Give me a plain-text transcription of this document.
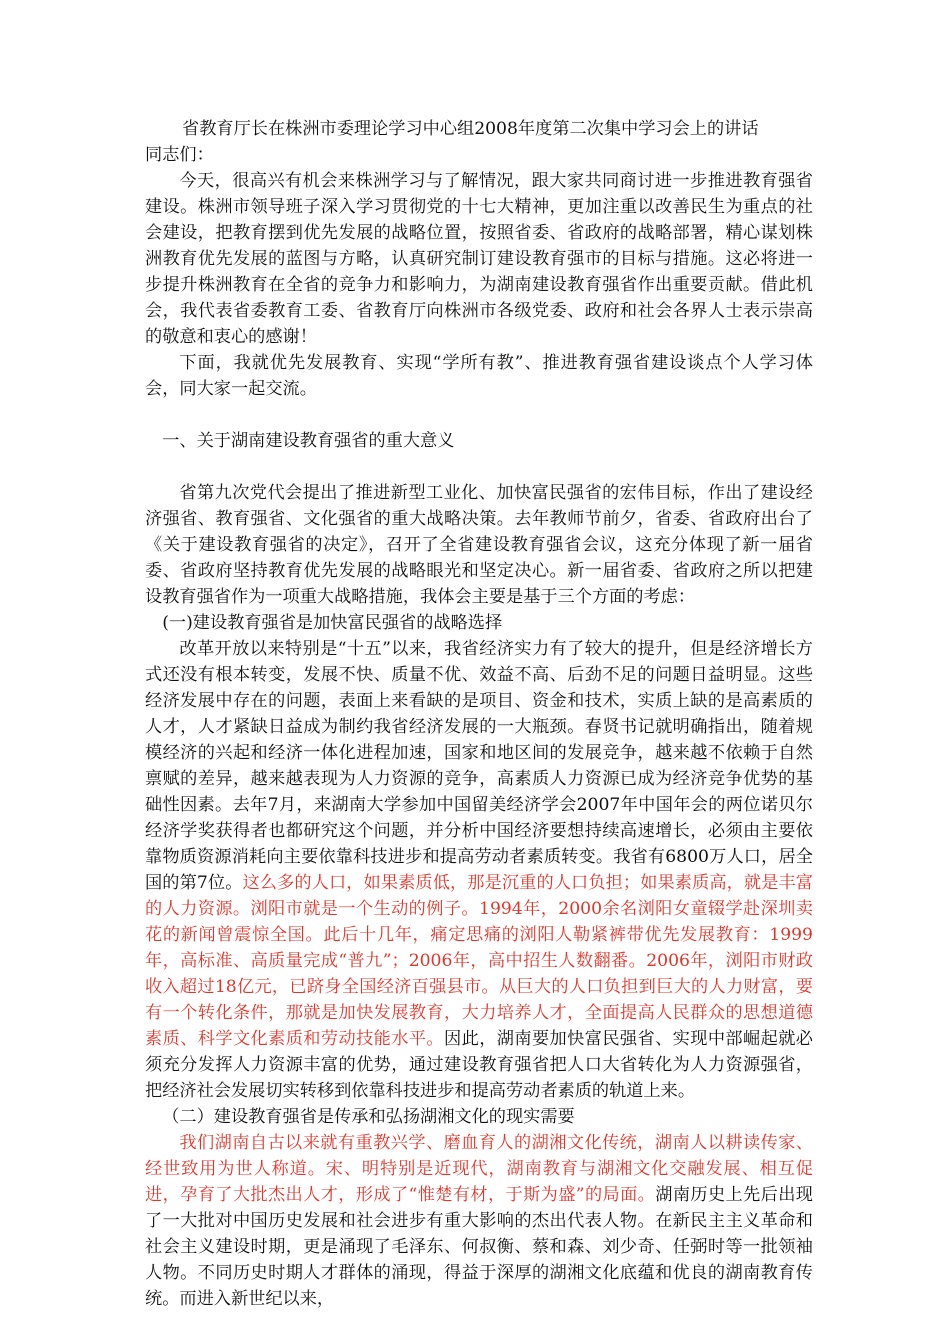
省教育厅长在株洲市委理论学习中心组2008年度第二次集中学习会上的讲话

同志们：

今天，很高兴有机会来株洲学习与了解情况，跟大家共同商讨进一步推进教育强省建设。株洲市领导班子深入学习贯彻党的十七大精神，更加注重以改善民生为重点的社会建设，把教育摆到优先发展的战略位置，按照省委、省政府的战略部署，精心谋划株洲教育优先发展的蓝图与方略，认真研究制订建设教育强市的目标与措施。这必将进一步提升株洲教育在全省的竞争力和影响力，为湖南建设教育强省作出重要贡献。借此机会，我代表省委教育工委、省教育厅向株洲市各级党委、政府和社会各界人士表示崇高的敬意和衷心的感谢！

下面，我就优先发展教育、实现“学所有教”、推进教育强省建设谈点个人学习体会，同大家一起交流。

一、关于湖南建设教育强省的重大意义

省第九次党代会提出了推进新型工业化、加快富民强省的宏伟目标，作出了建设经济强省、教育强省、文化强省的重大战略决策。去年教师节前夕，省委、省政府出台了《关于建设教育强省的决定》，召开了全省建设教育强省会议，这充分体现了新一届省委、省政府坚持教育优先发展的战略眼光和坚定决心。新一届省委、省政府之所以把建设教育强省作为一项重大战略措施，我体会主要是基于三个方面的考虑：

(一)建设教育强省是加快富民强省的战略选择

改革开放以来特别是“十五”以来，我省经济实力有了较大的提升，但是经济增长方式还没有根本转变，发展不快、质量不优、效益不高、后劲不足的问题日益明显。这些经济发展中存在的问题，表面上来看缺的是项目、资金和技术，实质上缺的是高素质的人才，人才紧缺日益成为制约我省经济发展的一大瓶颈。春贤书记就明确指出，随着规模经济的兴起和经济一体化进程加速，国家和地区间的发展竞争，越来越不依赖于自然禀赋的差异，越来越表现为人力资源的竞争，高素质人力资源已成为经济竞争优势的基础性因素。去年7月，来湖南大学参加中国留美经济学会2007年中国年会的两位诺贝尔经济学奖获得者也都研究这个问题，并分析中国经济要想持续高速增长，必须由主要依靠物质资源消耗向主要依靠科技进步和提高劳动者素质转变。我省有6800万人口，居全国的第7位。这么多的人口，如果素质低，那是沉重的人口负担；如果素质高，就是丰富的人力资源。浏阳市就是一个生动的例子。1994年，2000余名浏阳女童辍学赴深圳卖花的新闻曾震惊全国。此后十几年，痛定思痛的浏阳人勒紧裤带优先发展教育：1999年，高标准、高质量完成“普九”；2006年，高中招生人数翻番。2006年，浏阳市财政收入超过18亿元，已跻身全国经济百强县市。从巨大的人口负担到巨大的人力财富，要有一个转化条件，那就是加快发展教育，大力培养人才，全面提高人民群众的思想道德素质、科学文化素质和劳动技能水平。因此，湖南要加快富民强省、实现中部崛起就必须充分发挥人力资源丰富的优势，通过建设教育强省把人口大省转化为人力资源强省，把经济社会发展切实转移到依靠科技进步和提高劳动者素质的轨道上来。

（二）建设教育强省是传承和弘扬湖湘文化的现实需要

我们湖南自古以来就有重教兴学、磨血育人的湖湘文化传统，湖南人以耕读传家、经世致用为世人称道。宋、明特别是近现代，湖南教育与湖湘文化交融发展、相互促进，孕育了大批杰出人才，形成了“惟楚有材，于斯为盛”的局面。湖南历史上先后出现了一大批对中国历史发展和社会进步有重大影响的杰出代表人物。在新民主主义革命和社会主义建设时期，更是涌现了毛泽东、何叔衡、蔡和森、刘少奇、任弼时等一批领袖人物。不同历史时期人才群体的涌现，得益于深厚的湖湘文化底蕴和优良的湖南教育传统。而进入新世纪以来，
